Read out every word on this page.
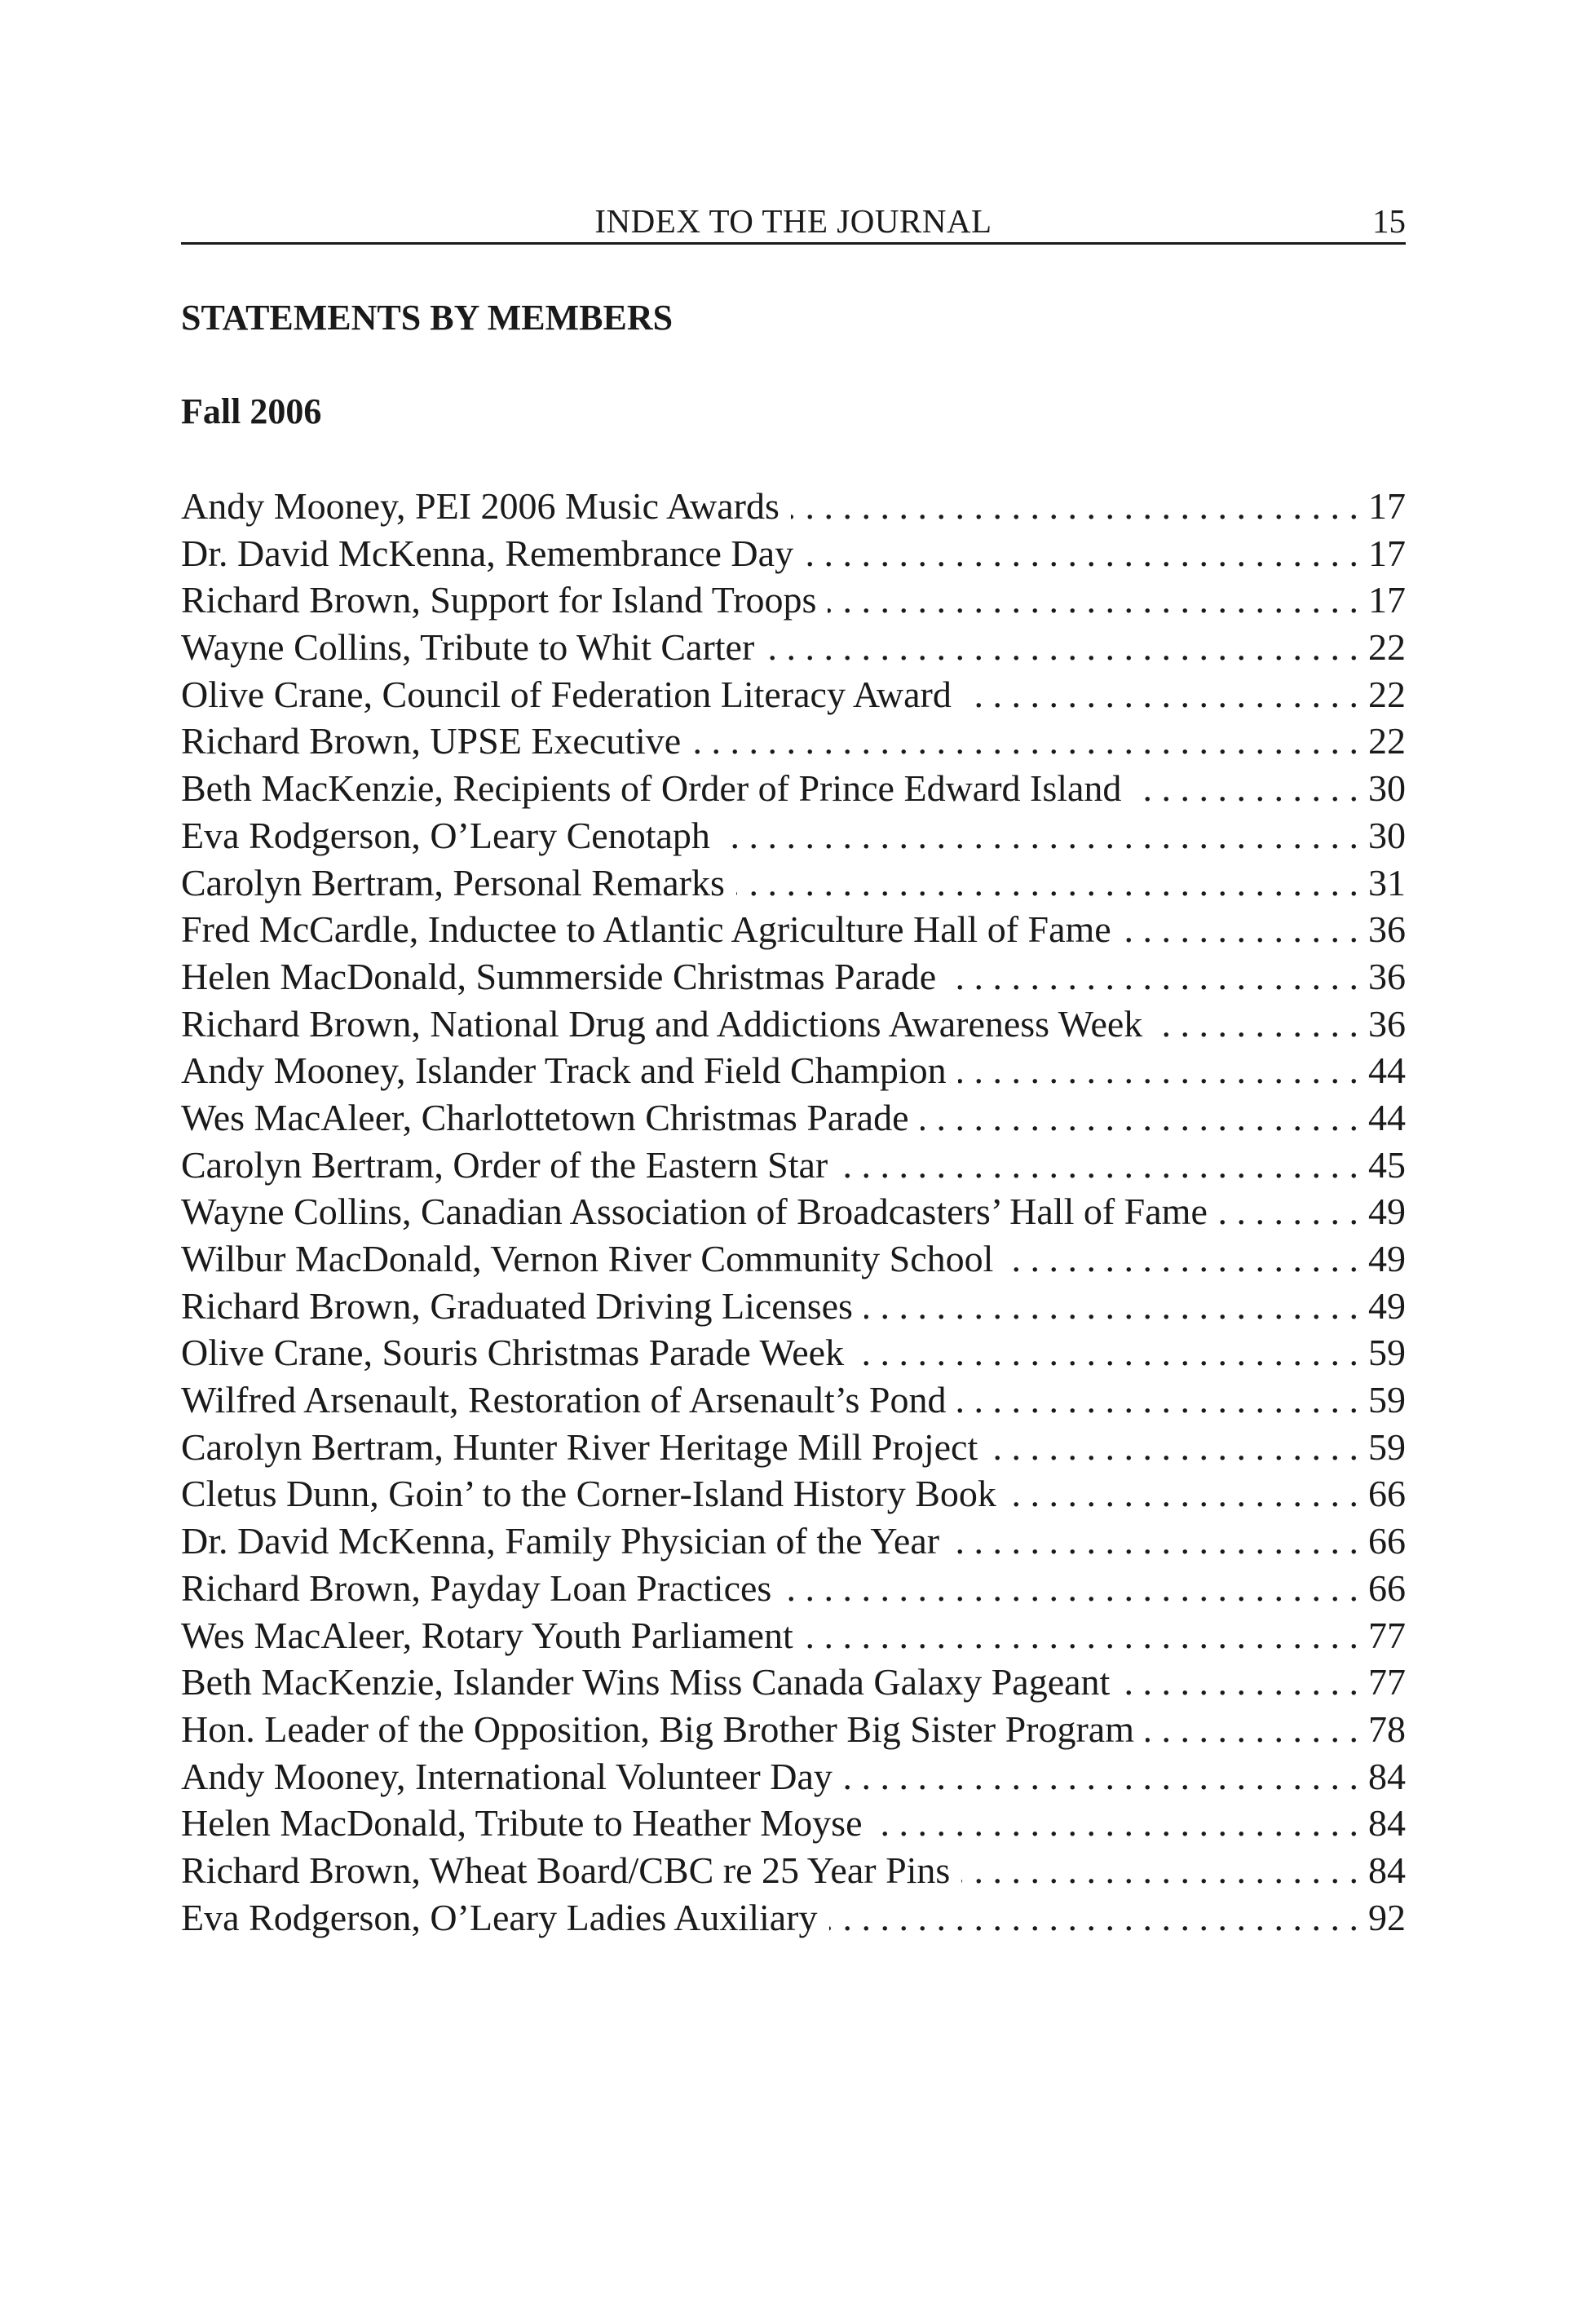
INDEX TO THE JOURNAL	15
STATEMENTS BY MEMBERS
Fall 2006
Andy Mooney, PEI 2006 Music Awards . . .	17
Dr. David McKenna, Remembrance Day . . .	17
Richard Brown, Support for Island Troops . . .	17
Wayne Collins, Tribute to Whit Carter . . .	22
Olive Crane, Council of Federation Literacy Award . . .	22
Richard Brown, UPSE Executive . . .	22
Beth MacKenzie, Recipients of Order of Prince Edward Island . . .	30
Eva Rodgerson, O’Leary Cenotaph . . .	30
Carolyn Bertram, Personal Remarks . . .	31
Fred McCardle, Inductee to Atlantic Agriculture Hall of Fame . . .	36
Helen MacDonald, Summerside Christmas Parade . . .	36
Richard Brown, National Drug and Addictions Awareness Week . . .	36
Andy Mooney, Islander Track and Field Champion . . .	44
Wes MacAleer, Charlottetown Christmas Parade . . .	44
Carolyn Bertram, Order of the Eastern Star . . .	45
Wayne Collins, Canadian Association of Broadcasters’ Hall of Fame . . .	49
Wilbur MacDonald, Vernon River Community School . . .	49
Richard Brown, Graduated Driving Licenses . . .	49
Olive Crane, Souris Christmas Parade Week . . .	59
Wilfred Arsenault, Restoration of Arsenault’s Pond . . .	59
Carolyn Bertram, Hunter River Heritage Mill Project . . .	59
Cletus Dunn, Goin’ to the Corner-Island History Book . . .	66
Dr. David McKenna, Family Physician of the Year . . .	66
Richard Brown, Payday Loan Practices . . .	66
Wes MacAleer, Rotary Youth Parliament . . .	77
Beth MacKenzie, Islander Wins Miss Canada Galaxy Pageant . . .	77
Hon. Leader of the Opposition, Big Brother Big Sister Program . . .	78
Andy Mooney, International Volunteer Day . . .	84
Helen MacDonald, Tribute to Heather Moyse . . .	84
Richard Brown, Wheat Board/CBC re 25 Year Pins . . .	84
Eva Rodgerson, O’Leary Ladies Auxiliary . . .	92
